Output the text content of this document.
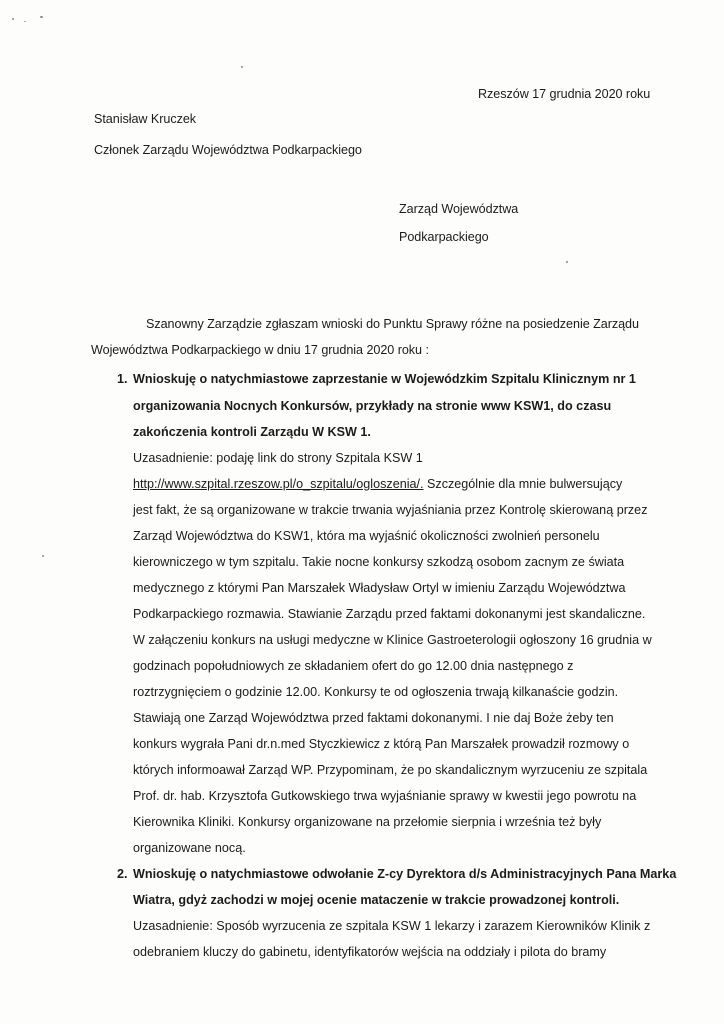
Rzeszów 17 grudnia 2020 roku
Stanisław Kruczek
Członek Zarządu Województwa Podkarpackiego
Zarząd Województwa
Podkarpackiego
Szanowny Zarządzie zgłaszam wnioski do Punktu Sprawy różne na posiedzenie Zarządu
Województwa Podkarpackiego w dniu 17 grudnia 2020 roku :
1. Wnioskuję o natychmiastowe zaprzestanie w Wojewódzkim Szpitalu Klinicznym nr 1
organizowania Nocnych Konkursów, przykłady na stronie www KSW1, do czasu
zakończenia kontroli Zarządu W KSW 1.
Uzasadnienie: podaję link do strony Szpitala KSW 1
http://www.szpital.rzeszow.pl/o_szpitalu/ogloszenia/. Szczególnie dla mnie bulwersujący
jest fakt, że są organizowane w trakcie trwania wyjaśniania przez Kontrolę skierowaną przez
Zarząd Województwa do KSW1, która ma wyjaśnić okoliczności zwolnień personelu
kierowniczego w tym szpitalu. Takie nocne konkursy szkodzą osobom zacnym ze świata
medycznego z którymi Pan Marszałek Władysław Ortyl w imieniu Zarządu Województwa
Podkarpackiego rozmawia. Stawianie Zarządu przed faktami dokonanymi jest skandaliczne.
W załączeniu konkurs na usługi medyczne w Klinice Gastroeterologii ogłoszony 16 grudnia w
godzinach popołudniowych ze składaniem ofert do go 12.00 dnia następnego z
roztrzygnięciem o godzinie 12.00. Konkursy te od ogłoszenia trwają kilkanaście godzin.
Stawiają one Zarząd Województwa przed faktami dokonanymi. I nie daj Boże żeby ten
konkurs wygrała Pani dr.n.med Styczkiewicz z którą Pan Marszałek prowadził rozmowy o
których informoawał Zarząd WP. Przypominam, że po skandalicznym wyrzuceniu ze szpitala
Prof. dr. hab. Krzysztofa Gutkowskiego trwa wyjaśnianie sprawy w kwestii jego powrotu na
Kierownika Kliniki. Konkursy organizowane na przełomie sierpnia i września też były
organizowane nocą.
2. Wnioskuję o natychmiastowe odwołanie Z-cy Dyrektora d/s Administracyjnych Pana Marka
Wiatra, gdyż zachodzi w mojej ocenie mataczenie w trakcie prowadzonej kontroli.
Uzasadnienie: Sposób wyrzucenia ze szpitala KSW 1 lekarzy i zarazem Kierowników Klinik z
odebraniem kluczy do gabinetu, identyfikatorów wejścia na oddziały i pilota do bramy
